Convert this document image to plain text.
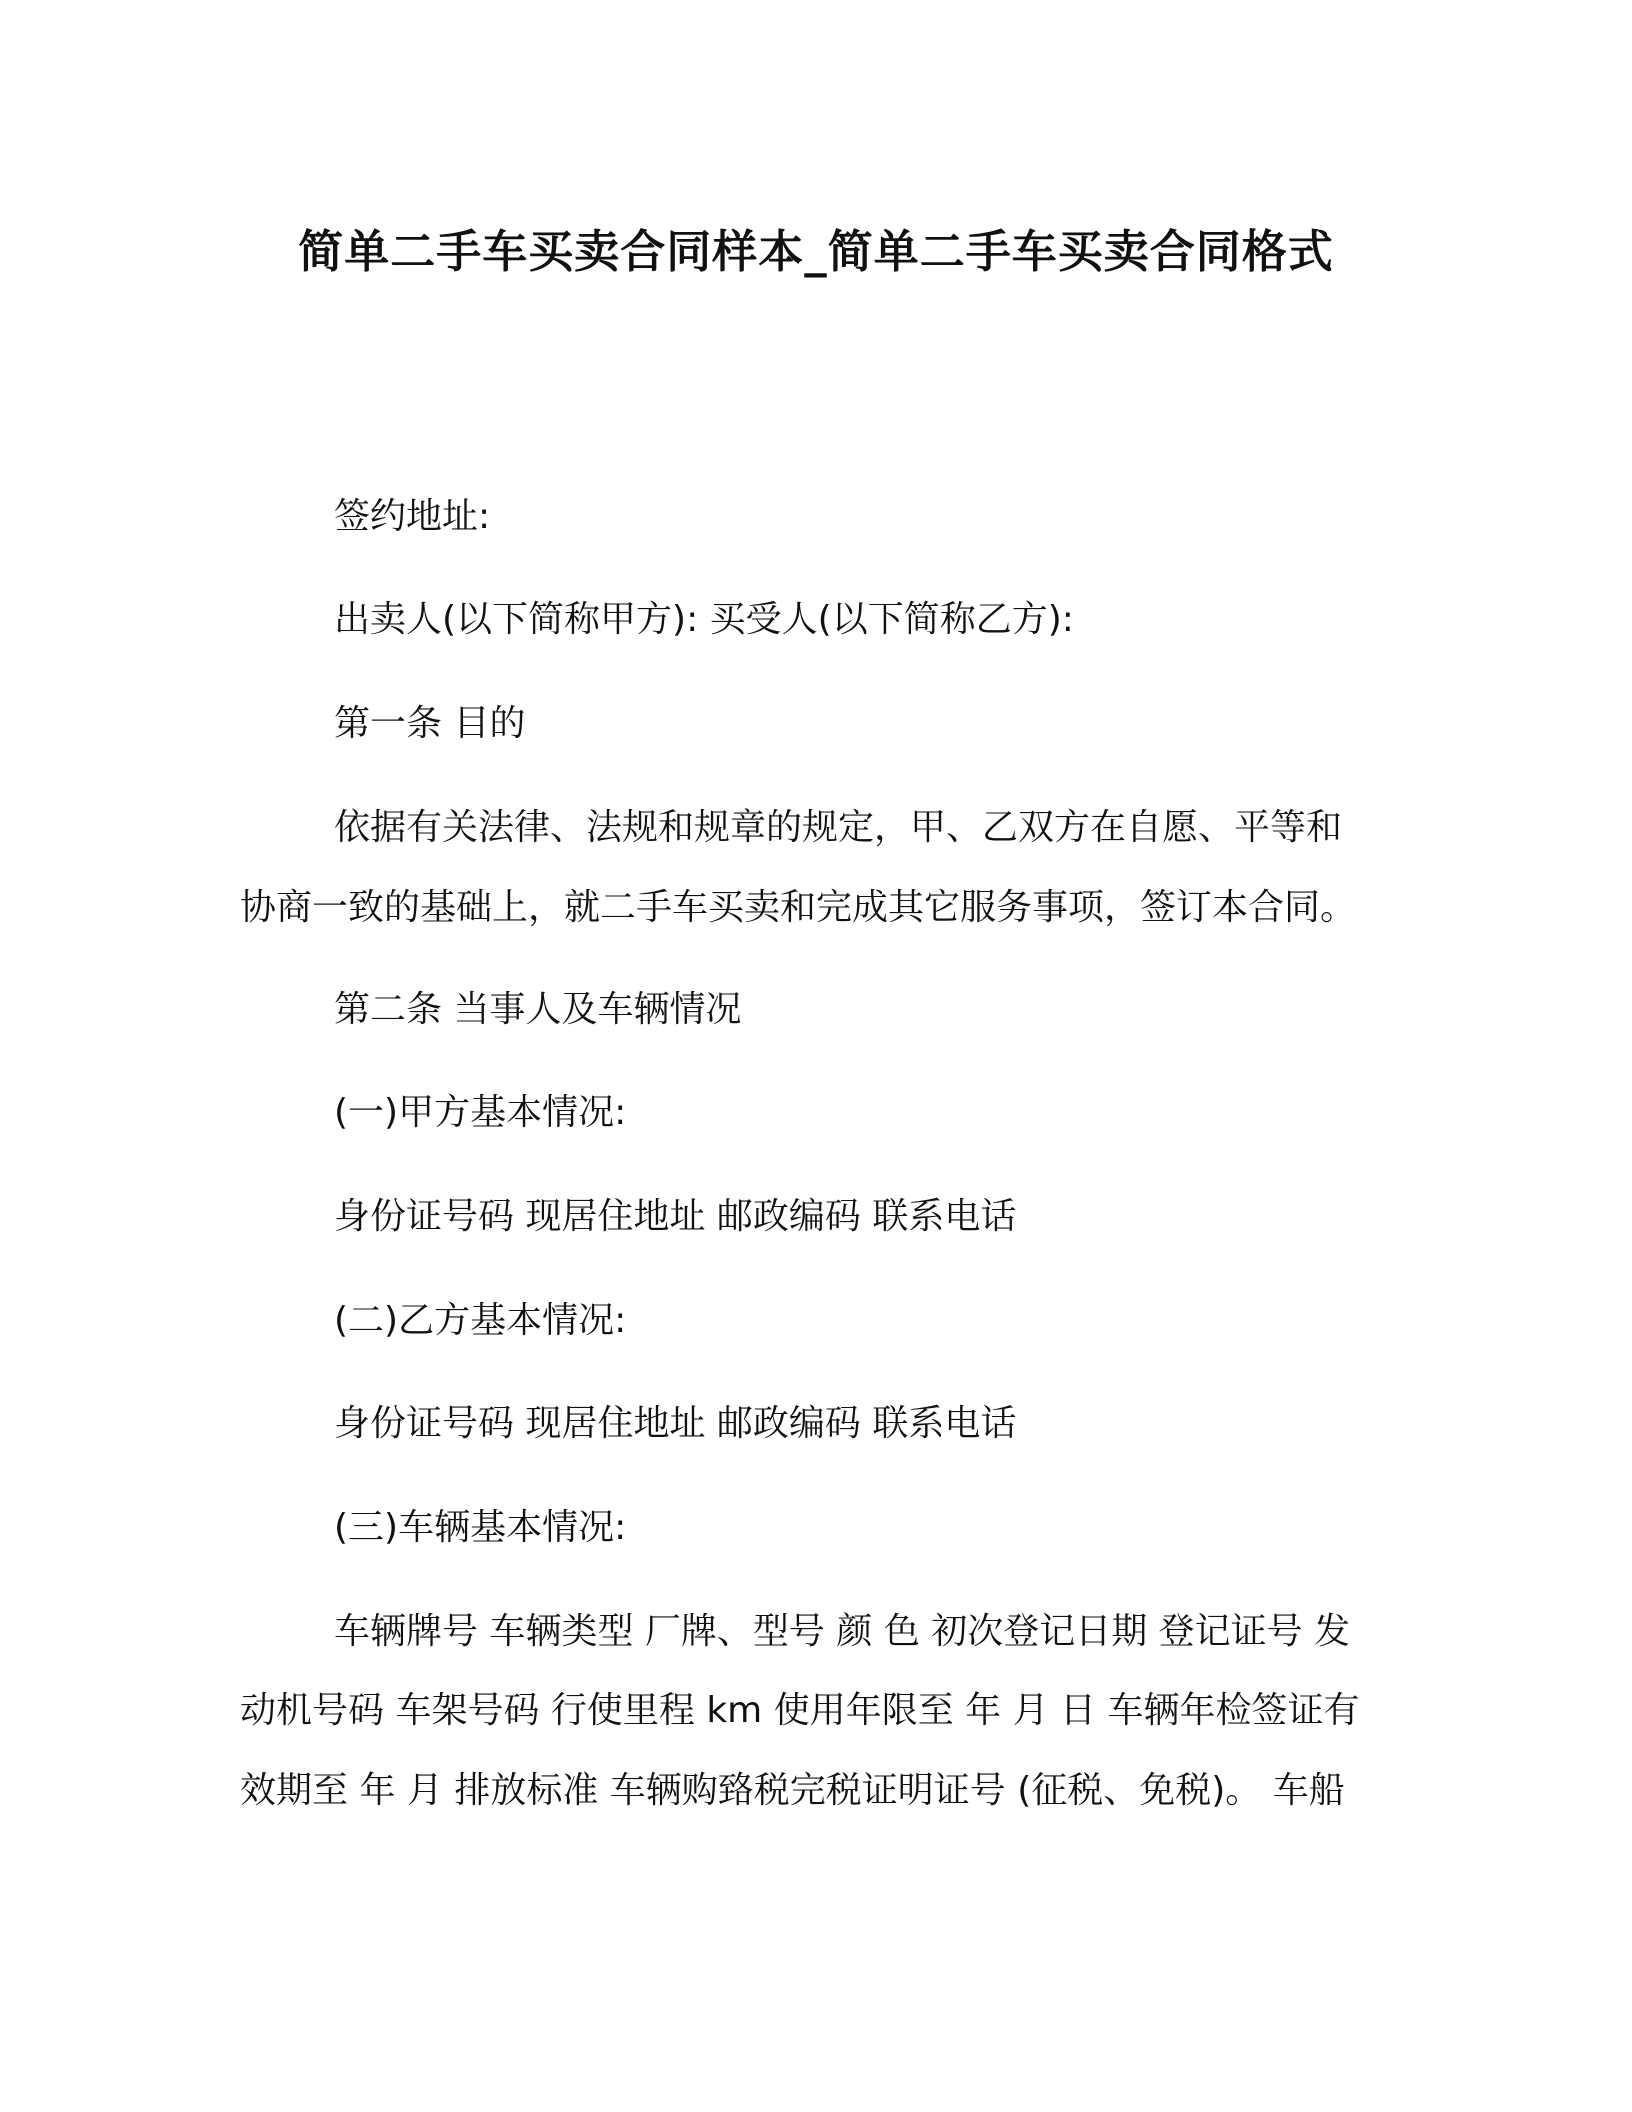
简单二手车买卖合同样本_简单二手车买卖合同格式
签约地址:
出卖人(以下简称甲方): 买受人(以下简称乙方):
第一条 目的
依据有关法律、法规和规章的规定，甲、乙双方在自愿、平等和
协商一致的基础上，就二手车买卖和完成其它服务事项，签订本合同。
第二条 当事人及车辆情况
(一)甲方基本情况:
身份证号码 现居住地址 邮政编码 联系电话
(二)乙方基本情况:
身份证号码 现居住地址 邮政编码 联系电话
(三)车辆基本情况:
车辆牌号 车辆类型 厂牌、型号 颜 色 初次登记日期 登记证号 发
动机号码 车架号码 行使里程 km 使用年限至 年 月 日 车辆年检签证有
效期至 年 月 排放标准 车辆购臵税完税证明证号 (征税、免税)。 车船
